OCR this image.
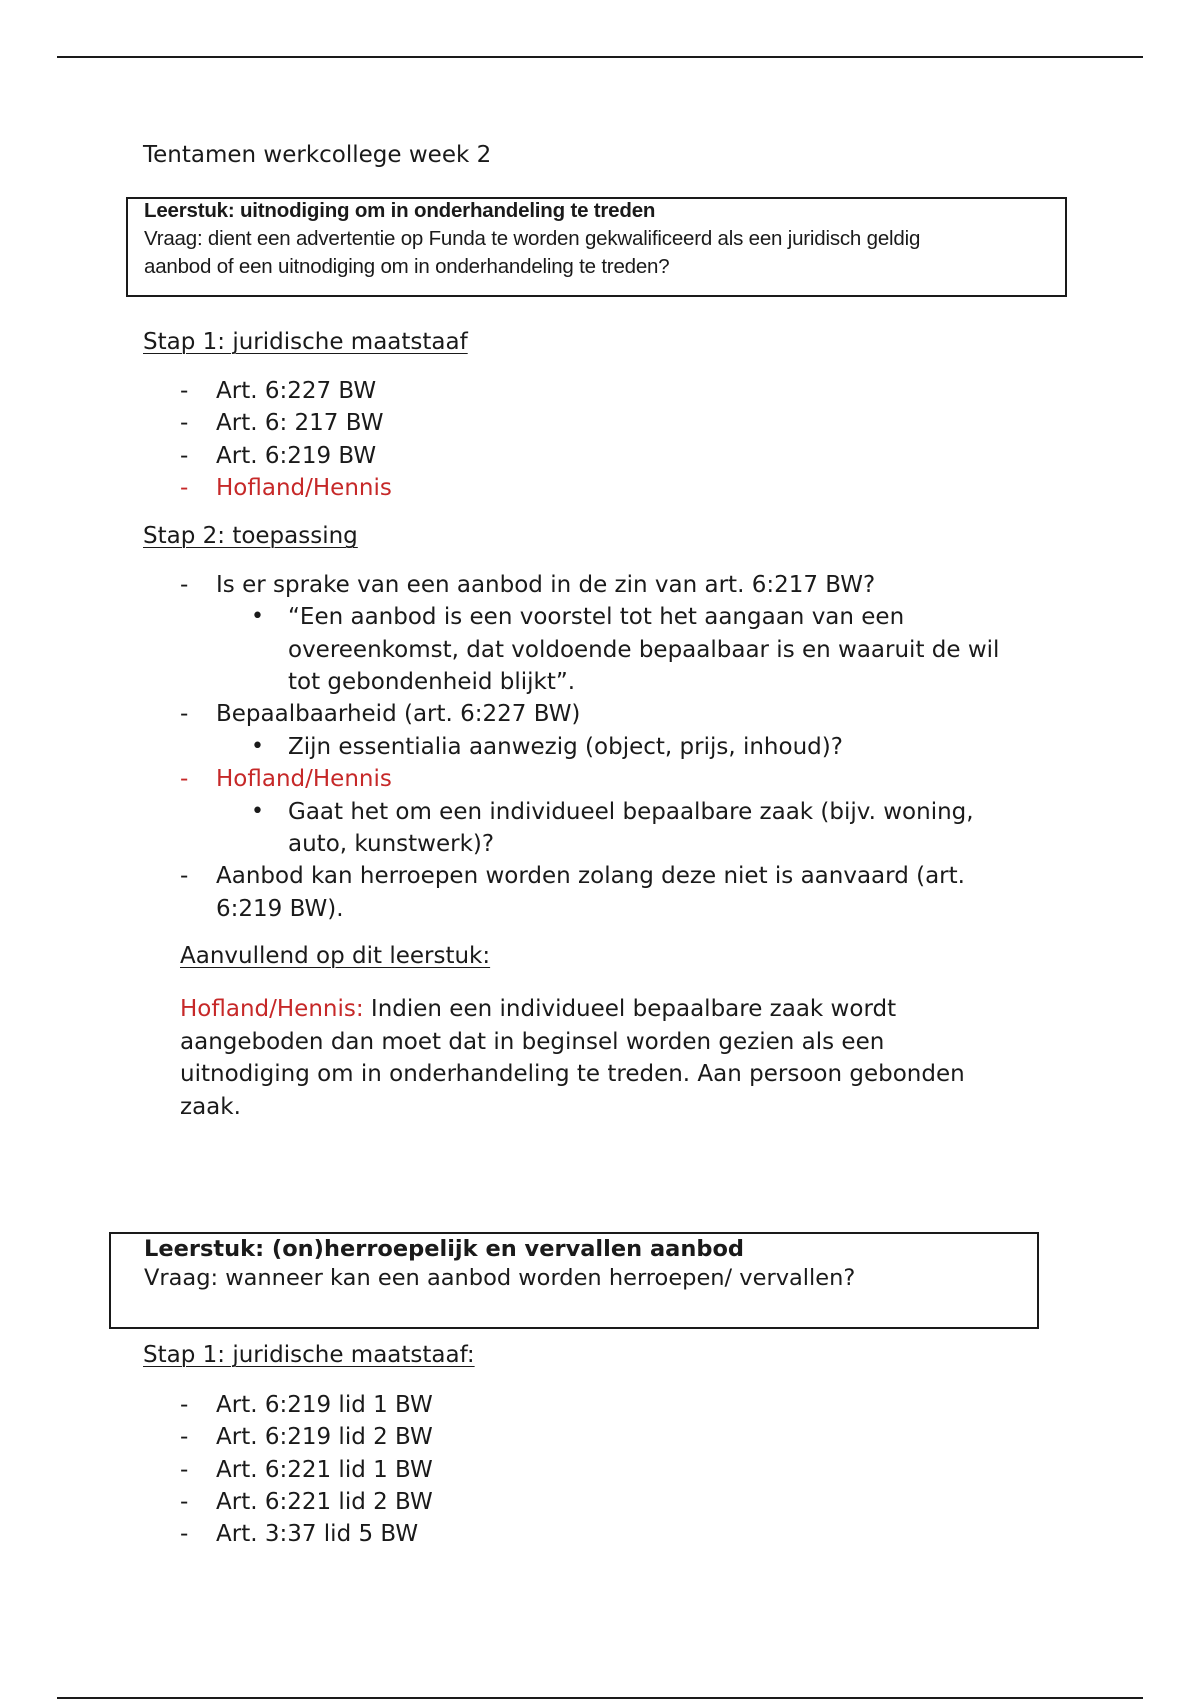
Tentamen werkcollege week 2
Leerstuk: uitnodiging om in onderhandeling te treden
Vraag: dient een advertentie op Funda te worden gekwalificeerd als een juridisch geldig
aanbod of een uitnodiging om in onderhandeling te treden?
Stap 1: juridische maatstaaf
- Art. 6:227 BW
- Art. 6: 217 BW
- Art. 6:219 BW
- Hofland/Hennis
Stap 2: toepassing
- Is er sprake van een aanbod in de zin van art. 6:217 BW?
• “Een aanbod is een voorstel tot het aangaan van een
overeenkomst, dat voldoende bepaalbaar is en waaruit de wil
tot gebondenheid blijkt”.
- Bepaalbaarheid (art. 6:227 BW)
• Zijn essentialia aanwezig (object, prijs, inhoud)?
- Hofland/Hennis
• Gaat het om een individueel bepaalbare zaak (bijv. woning,
auto, kunstwerk)?
- Aanbod kan herroepen worden zolang deze niet is aanvaard (art.
6:219 BW).
Aanvullend op dit leerstuk:
Hofland/Hennis: Indien een individueel bepaalbare zaak wordt
aangeboden dan moet dat in beginsel worden gezien als een
uitnodiging om in onderhandeling te treden. Aan persoon gebonden
zaak.
Leerstuk: (on)herroepelijk en vervallen aanbod
Vraag: wanneer kan een aanbod worden herroepen/ vervallen?
Stap 1: juridische maatstaaf:
- Art. 6:219 lid 1 BW
- Art. 6:219 lid 2 BW
- Art. 6:221 lid 1 BW
- Art. 6:221 lid 2 BW
- Art. 3:37 lid 5 BW
